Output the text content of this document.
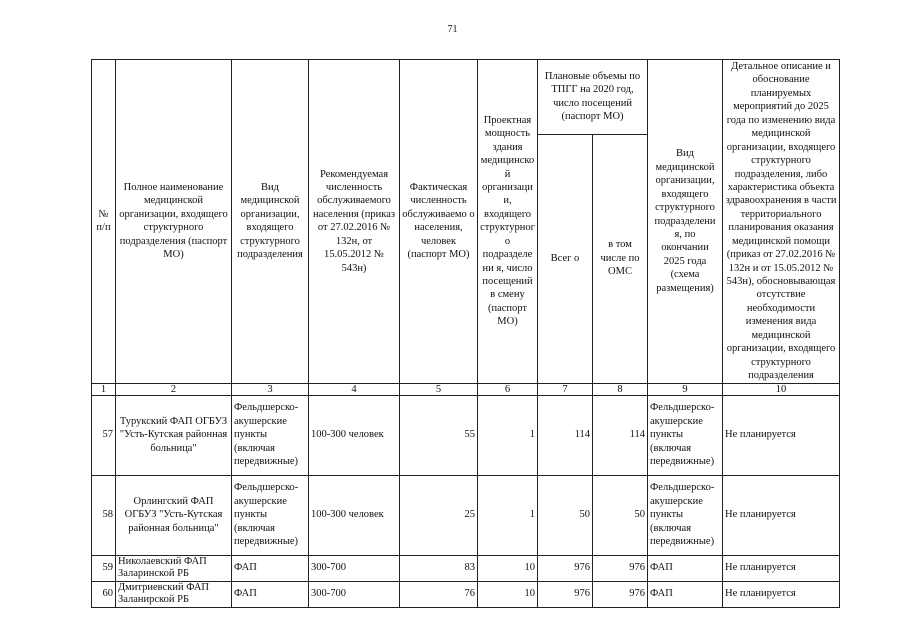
71
№ п/п	Полное наименование медицинской организации, входящего структурного подразделения (паспорт МО)	Вид медицинской организации, входящего структурного подразделения	Рекомендуемая численность обслуживаемого населения (приказ от 27.02.2016 № 132н, от 15.05.2012 № 543н)	Фактическая численность обслуживаемо о населения, человек (паспорт МО)	Проектная мощность здания медицинско й организаци и, входящего структурног о подразделе ни я, число посещений в смену (паспорт МО)	Плановые объемы по ТПГГ на 2020 год, число посещений (паспорт МО)		Вид медицинской организации, входящего структурного подразделени я, по окончании 2025 года (схема размещения)	Детальное описание и обоснование планируемых мероприятий до 2025 года по изменению вида медицинской организации, входящего структурного подразделения, либо характеристика объекта здравоохранения в части территориального планирования оказания медицинской помощи (приказ от 27.02.2016 № 132н и от 15.05.2012 № 543н), обосновывающая отсутствие необходимости изменения вида медицинской организации, входящего структурного подразделения
						Всег о	в том числе по ОМС		
1	2	3	4	5	6	7	8	9	10
57	Турукский ФАП ОГБУЗ "Усть-Кутская районная больница"	Фельдшерско-акушерские пункты (включая передвижные)	100-300 человек	55	1	114	114	Фельдшерско-акушерские пункты (включая передвижные)	Не планируется
58	Орлингский ФАП ОГБУЗ "Усть-Кутская районная больница"	Фельдшерско-акушерские пункты (включая передвижные)	100-300 человек	25	1	50	50	Фельдшерско-акушерские пункты (включая передвижные)	Не планируется
59	Николаевский ФАП Заларинской РБ	ФАП	300-700	83	10	976	976	ФАП	Не планируется
60	Дмитриевский ФАП Заланирской РБ	ФАП	300-700	76	10	976	976	ФАП	Не планируется
